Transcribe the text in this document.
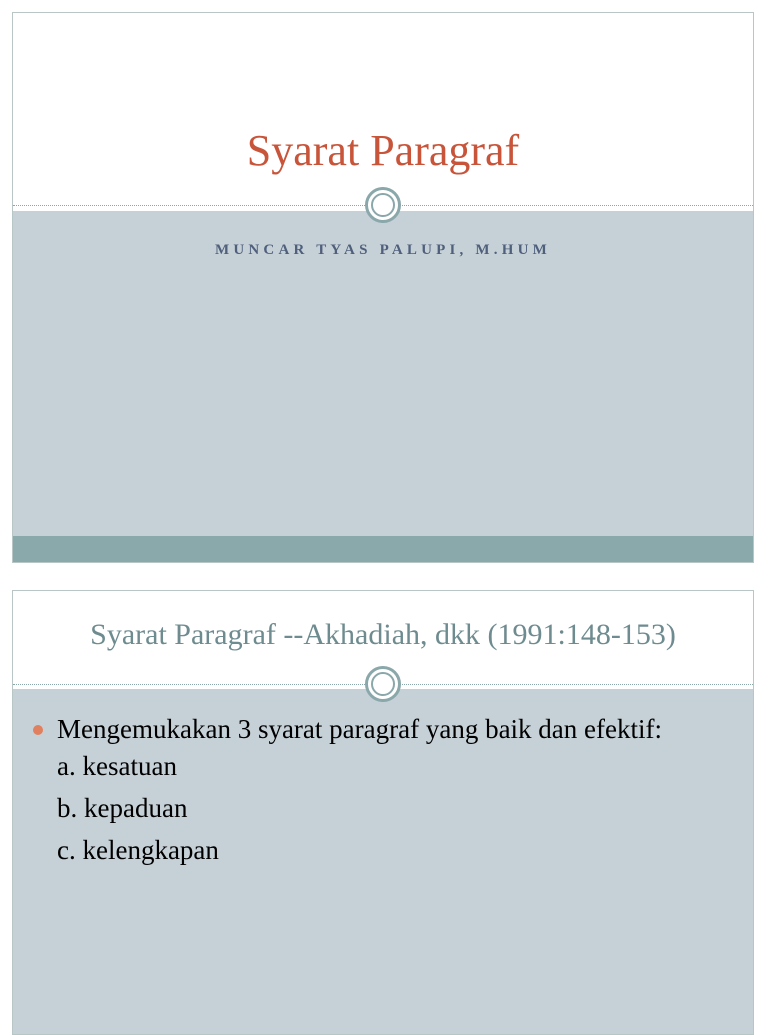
Syarat Paragraf
MUNCAR TYAS PALUPI, M.HUM
Syarat Paragraf --Akhadiah, dkk (1991:148-153)
Mengemukakan 3 syarat paragraf yang baik dan efektif:
a. kesatuan
b. kepaduan
c. kelengkapan
